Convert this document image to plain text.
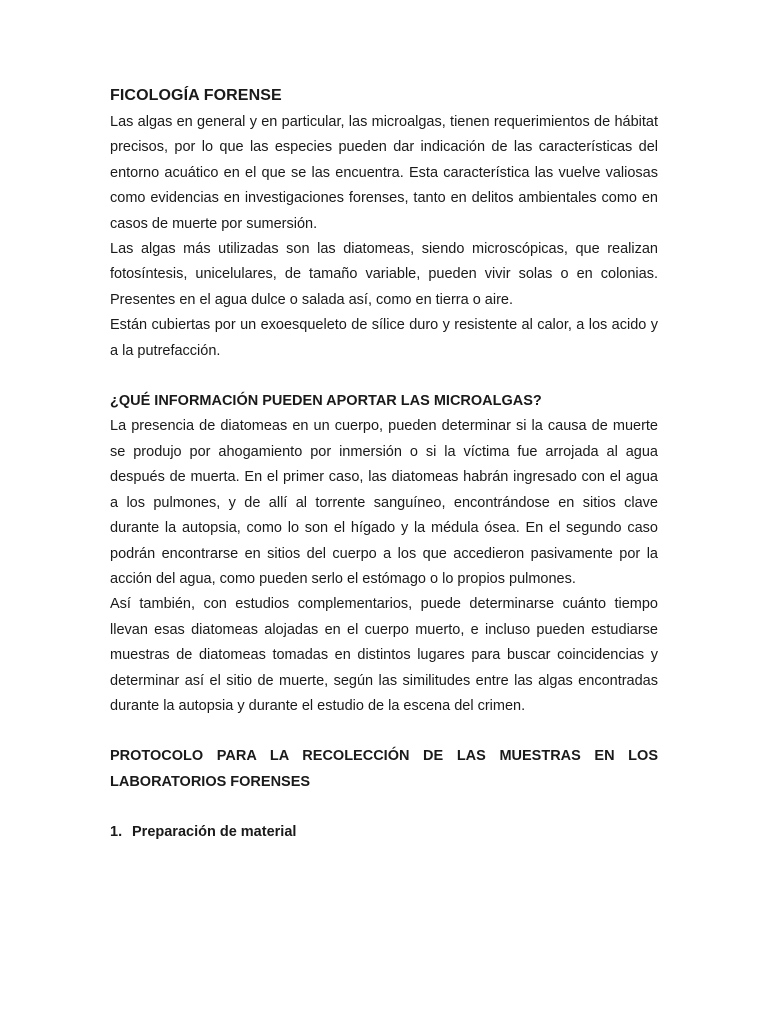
FICOLOGÍA FORENSE

Las algas en general y en particular, las microalgas, tienen requerimientos de hábitat precisos, por lo que las especies pueden dar indicación de las características del entorno acuático en el que se las encuentra. Esta característica las vuelve valiosas como evidencias en investigaciones forenses, tanto en delitos ambientales como en casos de muerte por sumersión.

Las algas más utilizadas son las diatomeas, siendo microscópicas, que realizan fotosíntesis, unicelulares, de tamaño variable, pueden vivir solas o en colonias. Presentes en el agua dulce o salada así, como en tierra o aire.

Están cubiertas por un exoesqueleto de sílice duro y resistente al calor, a los acido y a la putrefacción.

¿QUÉ INFORMACIÓN PUEDEN APORTAR LAS MICROALGAS?

La presencia de diatomeas en un cuerpo, pueden determinar si la causa de muerte se produjo por ahogamiento por inmersión o si la víctima fue arrojada al agua después de muerta. En el primer caso, las diatomeas habrán ingresado con el agua a los pulmones, y de allí al torrente sanguíneo, encontrándose en sitios clave durante la autopsia, como lo son el hígado y la médula ósea. En el segundo caso podrán encontrarse en sitios del cuerpo a los que accedieron pasivamente por la acción del agua, como pueden serlo el estómago o lo propios pulmones.

Así también, con estudios complementarios, puede determinarse cuánto tiempo llevan esas diatomeas alojadas en el cuerpo muerto, e incluso pueden estudiarse muestras de diatomeas tomadas en distintos lugares para buscar coincidencias y determinar así el sitio de muerte, según las similitudes entre las algas encontradas durante la autopsia y durante el estudio de la escena del crimen.

PROTOCOLO PARA LA RECOLECCIÓN DE LAS MUESTRAS EN LOS LABORATORIOS FORENSES
1. Preparación de material
